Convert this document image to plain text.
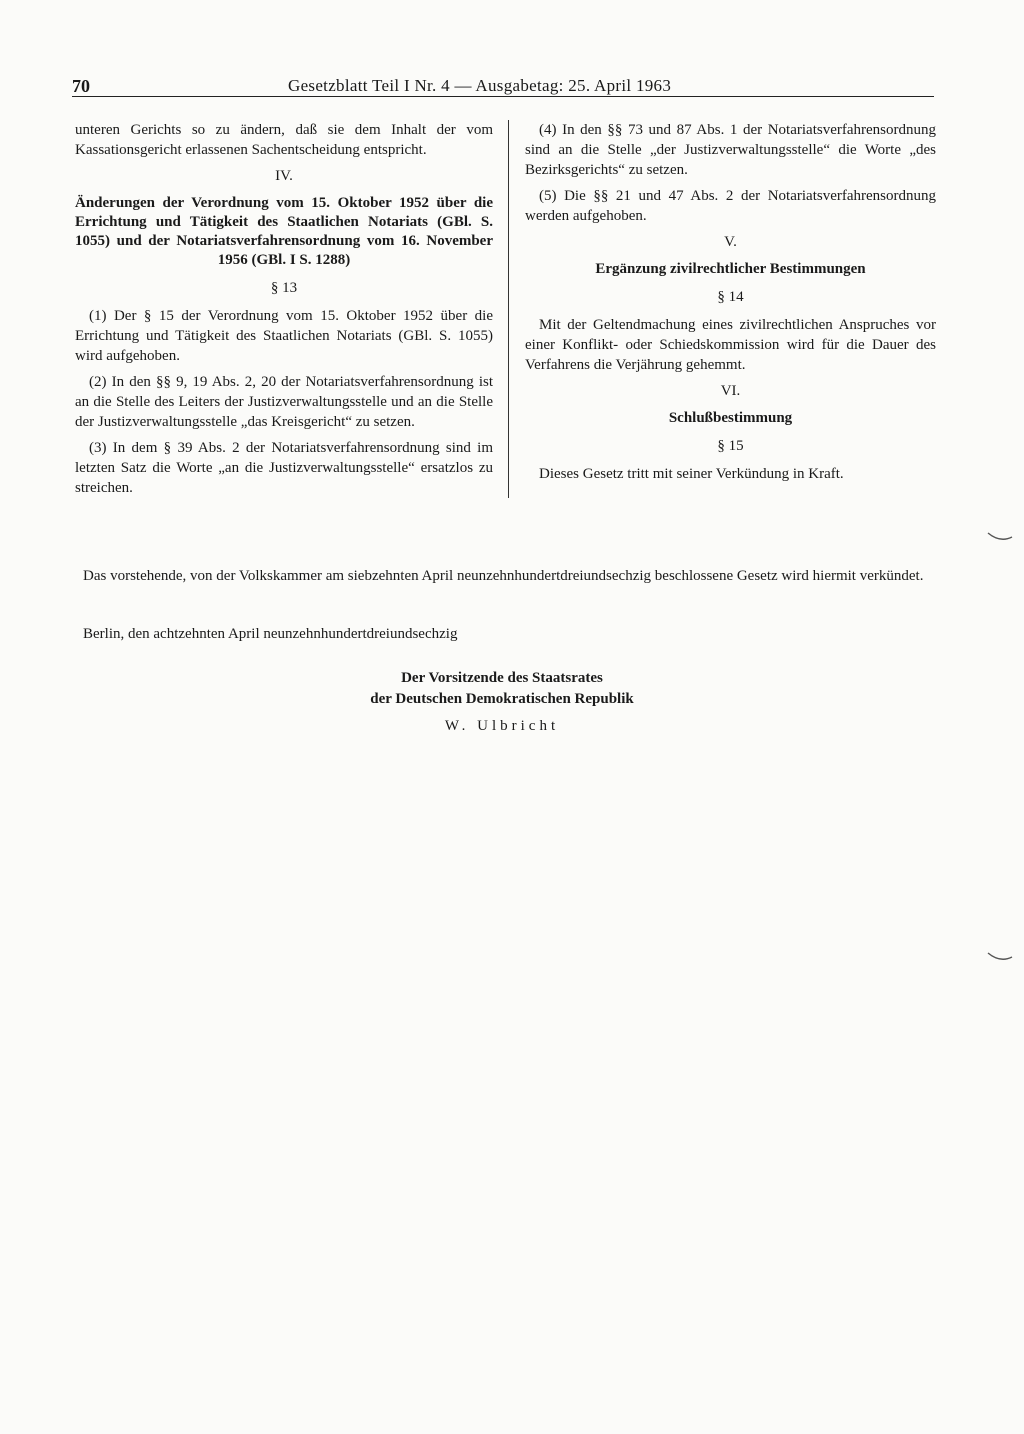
70	Gesetzblatt Teil I Nr. 4 — Ausgabetag: 25. April 1963

unteren Gerichts so zu ändern, daß sie dem Inhalt der vom Kassationsgericht erlassenen Sachentscheidung entspricht.

IV.
Änderungen der Verordnung vom 15. Oktober 1952 über die Errichtung und Tätigkeit des Staatlichen Notariats (GBl. S. 1055) und der Notariatsverfahrensordnung vom 16. November 1956 (GBl. I S. 1288)
§ 13

(1) Der § 15 der Verordnung vom 15. Oktober 1952 über die Errichtung und Tätigkeit des Staatlichen Notariats (GBl. S. 1055) wird aufgehoben.

(2) In den §§ 9, 19 Abs. 2, 20 der Notariatsverfahrensordnung ist an die Stelle des Leiters der Justizverwaltungsstelle und an die Stelle der Justizverwaltungsstelle „das Kreisgericht“ zu setzen.

(3) In dem § 39 Abs. 2 der Notariatsverfahrensordnung sind im letzten Satz die Worte „an die Justizverwaltungsstelle“ ersatzlos zu streichen.

(4) In den §§ 73 und 87 Abs. 1 der Notariatsverfahrensordnung sind an die Stelle „der Justizverwaltungsstelle“ die Worte „des Bezirksgerichts“ zu setzen.

(5) Die §§ 21 und 47 Abs. 2 der Notariatsverfahrensordnung werden aufgehoben.

V.
Ergänzung zivilrechtlicher Bestimmungen
§ 14

Mit der Geltendmachung eines zivilrechtlichen Anspruches vor einer Konflikt- oder Schiedskommission wird für die Dauer des Verfahrens die Verjährung gehemmt.

VI.
Schlußbestimmung
§ 15

Dieses Gesetz tritt mit seiner Verkündung in Kraft.

Das vorstehende, von der Volkskammer am siebzehnten April neunzehnhundertdreiundsechzig beschlossene Gesetz wird hiermit verkündet.
Berlin, den achtzehnten April neunzehnhundertdreiundsechzig
Der Vorsitzende des Staatsrates
der Deutschen Demokratischen Republik
W. Ulbricht
